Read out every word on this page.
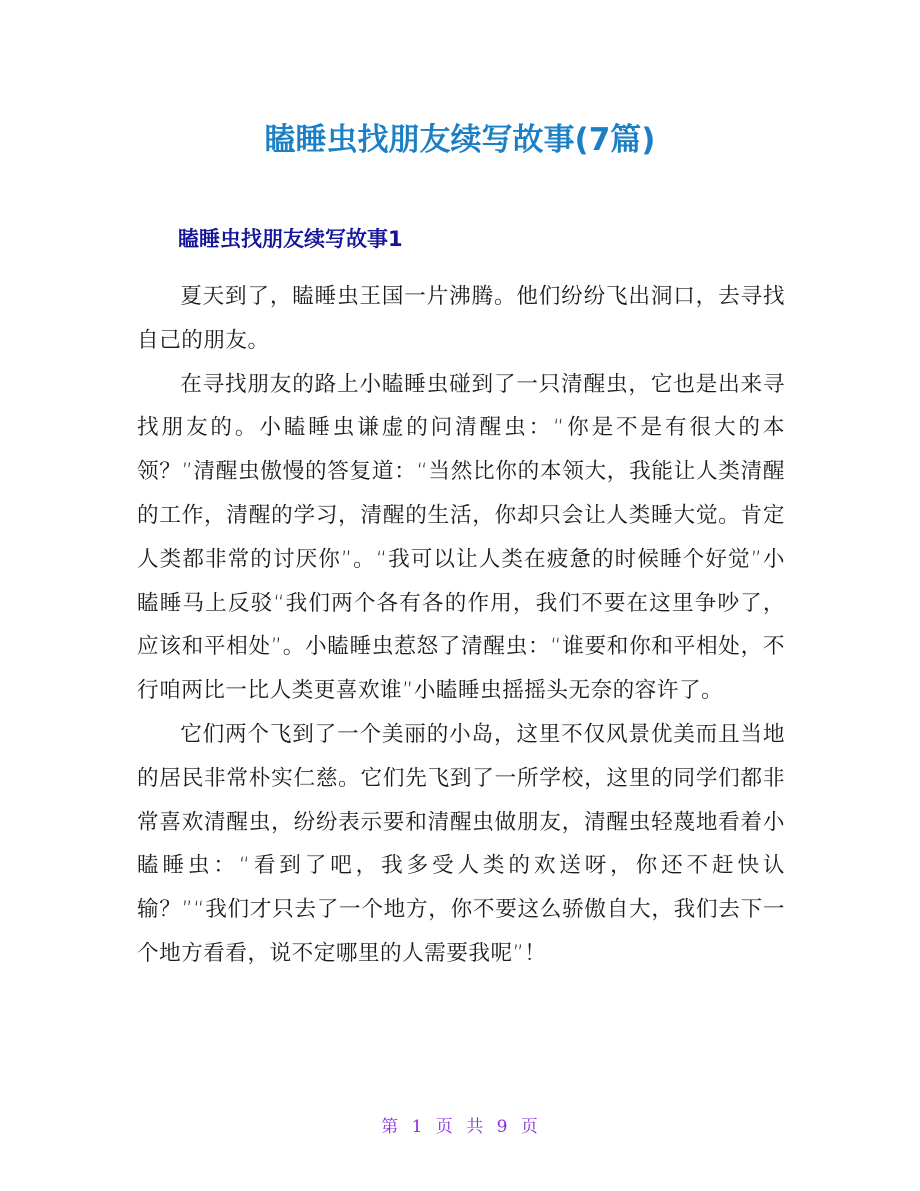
瞌睡虫找朋友续写故事(7篇)
瞌睡虫找朋友续写故事1

夏天到了，瞌睡虫王国一片沸腾。他们纷纷飞出洞口，去寻找自己的朋友。

在寻找朋友的路上小瞌睡虫碰到了一只清醒虫，它也是出来寻找朋友的。小瞌睡虫谦虚的问清醒虫：“你是不是有很大的本领？”清醒虫傲慢的答复道：“当然比你的本领大，我能让人类清醒的工作，清醒的学习，清醒的生活，你却只会让人类睡大觉。肯定人类都非常的讨厌你”。“我可以让人类在疲惫的时候睡个好觉”小瞌睡马上反驳“我们两个各有各的作用，我们不要在这里争吵了，应该和平相处”。小瞌睡虫惹怒了清醒虫：“谁要和你和平相处，不行咱两比一比人类更喜欢谁”小瞌睡虫摇摇头无奈的容许了。

它们两个飞到了一个美丽的小岛，这里不仅风景优美而且当地的居民非常朴实仁慈。它们先飞到了一所学校，这里的同学们都非常喜欢清醒虫，纷纷表示要和清醒虫做朋友，清醒虫轻蔑地看着小瞌睡虫：“看到了吧，我多受人类的欢送呀，你还不赶快认输？”“我们才只去了一个地方，你不要这么骄傲自大，我们去下一个地方看看，说不定哪里的人需要我呢”！

第 1 页 共 9 页
